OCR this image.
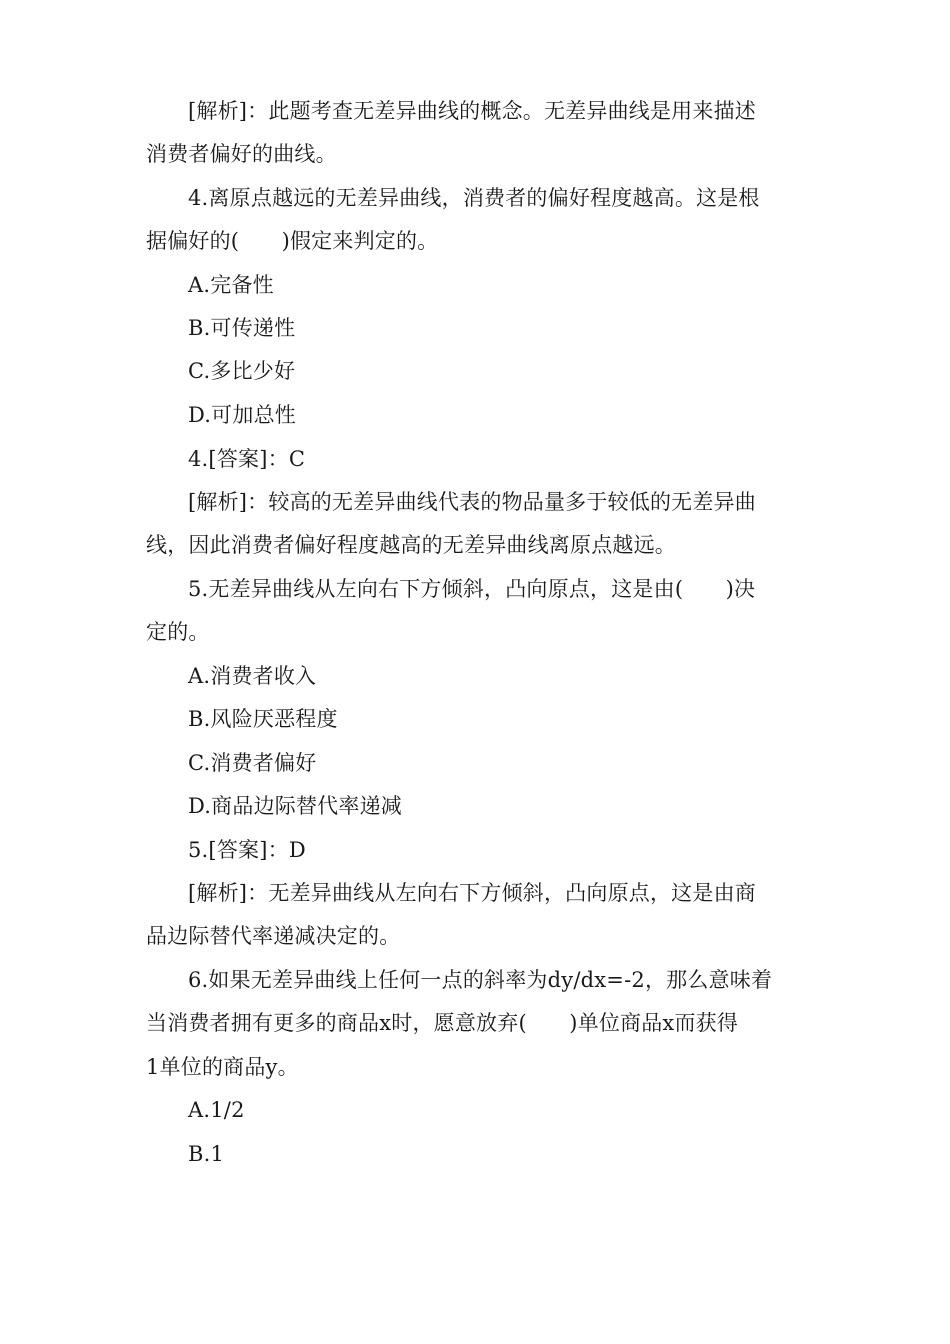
[解析]：此题考查无差异曲线的概念。无差异曲线是用来描述
消费者偏好的曲线。
4.离原点越远的无差异曲线，消费者的偏好程度越高。这是根
据偏好的(　　)假定来判定的。
A.完备性
B.可传递性
C.多比少好
D.可加总性
4.[答案]：C
[解析]：较高的无差异曲线代表的物品量多于较低的无差异曲
线，因此消费者偏好程度越高的无差异曲线离原点越远。
5.无差异曲线从左向右下方倾斜，凸向原点，这是由(　　)决
定的。
A.消费者收入
B.风险厌恶程度
C.消费者偏好
D.商品边际替代率递减
5.[答案]：D
[解析]：无差异曲线从左向右下方倾斜，凸向原点，这是由商
品边际替代率递减决定的。
6.如果无差异曲线上任何一点的斜率为dy/dx=-2，那么意味着
当消费者拥有更多的商品x时，愿意放弃(　　)单位商品x而获得
1单位的商品y。
A.1/2
B.1
